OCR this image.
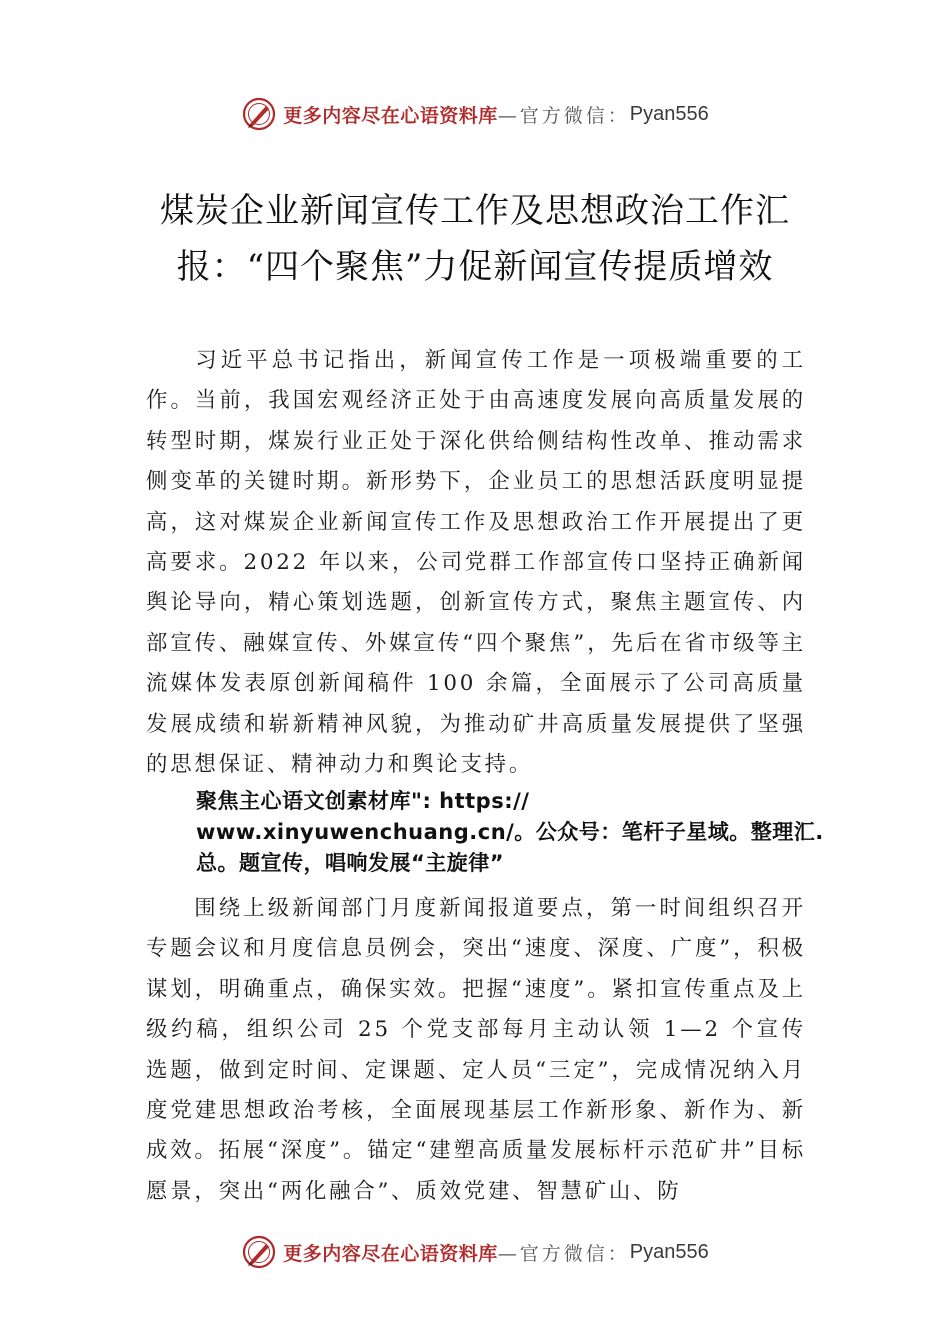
更多内容尽在心语资料库 —官方微信： Pyan556
煤炭企业新闻宣传工作及思想政治工作汇
报：“四个聚焦”力促新闻宣传提质增效

习近平总书记指出，新闻宣传工作是一项极端重要的工作。当前，我国宏观经济正处于由高速度发展向高质量发展的转型时期，煤炭行业正处于深化供给侧结构性改单、推动需求侧变革的关键时期。新形势下，企业员工的思想活跃度明显提高，这对煤炭企业新闻宣传工作及思想政治工作开展提出了更高要求。2022 年以来，公司党群工作部宣传口坚持正确新闻舆论导向，精心策划选题，创新宣传方式，聚焦主题宣传、内部宣传、融媒宣传、外媒宣传“四个聚焦”，先后在省市级等主流媒体发表原创新闻稿件 100 余篇，全面展示了公司高质量发展成绩和崭新精神风貌，为推动矿井高质量发展提供了坚强的思想保证、精神动力和舆论支持。

聚焦主心语文创素材库": https://
www.xinyuwenchuang.cn/。公众号：笔杆子星域。整理汇.
总。题宣传，唱响发展“主旋律”

围绕上级新闻部门月度新闻报道要点，第一时间组织召开专题会议和月度信息员例会，突出“速度、深度、广度”，积极谋划，明确重点，确保实效。把握“速度”。紧扣宣传重点及上级约稿，组织公司 25 个党支部每月主动认领 1—2 个宣传选题，做到定时间、定课题、定人员“三定”，完成情况纳入月度党建思想政治考核，全面展现基层工作新形象、新作为、新成效。拓展“深度”。锚定“建塑高质量发展标杆示范矿井”目标愿景，突出“两化融合”、质效党建、智慧矿山、防

更多内容尽在心语资料库 —官方微信： Pyan556
